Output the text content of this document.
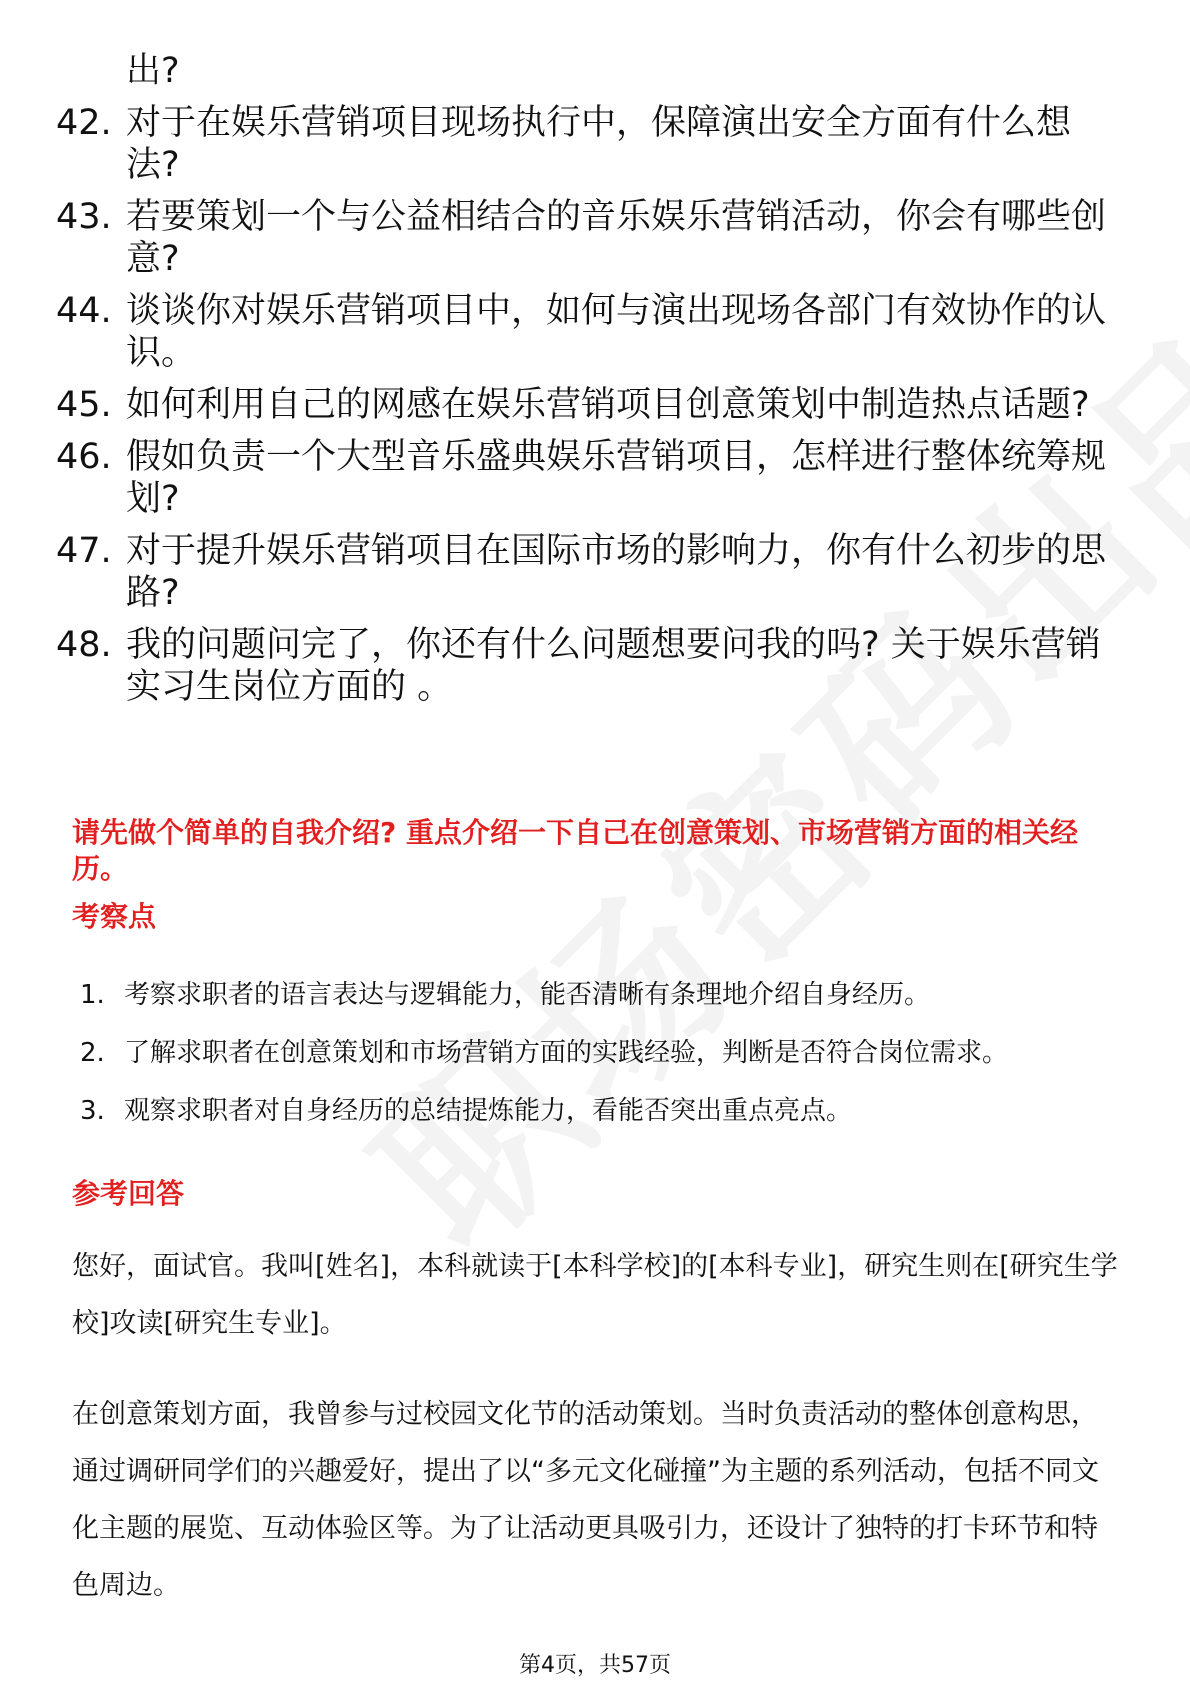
出?
42. 对于在娱乐营销项目现场执行中，保障演出安全方面有什么想
法?
43. 若要策划一个与公益相结合的音乐娱乐营销活动，你会有哪些创
意?
44. 谈谈你对娱乐营销项目中，如何与演出现场各部门有效协作的认
识。
45. 如何利用自己的网感在娱乐营销项目创意策划中制造热点话题?
46. 假如负责一个大型音乐盛典娱乐营销项目，怎样进行整体统筹规
划?
47. 对于提升娱乐营销项目在国际市场的影响力，你有什么初步的思
路?
48. 我的问题问完了，你还有什么问题想要问我的吗? 关于娱乐营销
实习生岗位方面的 。
请先做个简单的自我介绍? 重点介绍一下自己在创意策划、市场营销方面的相关经历。
考察点
1. 考察求职者的语言表达与逻辑能力，能否清晰有条理地介绍自身经历。
2. 了解求职者在创意策划和市场营销方面的实践经验，判断是否符合岗位需求。
3. 观察求职者对自身经历的总结提炼能力，看能否突出重点亮点。
参考回答

您好，面试官。我叫[姓名]，本科就读于[本科学校]的[本科专业]，研究生则在[研究生学校]攻读[研究生专业]。

在创意策划方面，我曾参与过校园文化节的活动策划。当时负责活动的整体创意构思，通过调研同学们的兴趣爱好，提出了以“多元文化碰撞”为主题的系列活动，包括不同文化主题的展览、互动体验区等。为了让活动更具吸引力，还设计了独特的打卡环节和特色周边。

第4页，共57页
